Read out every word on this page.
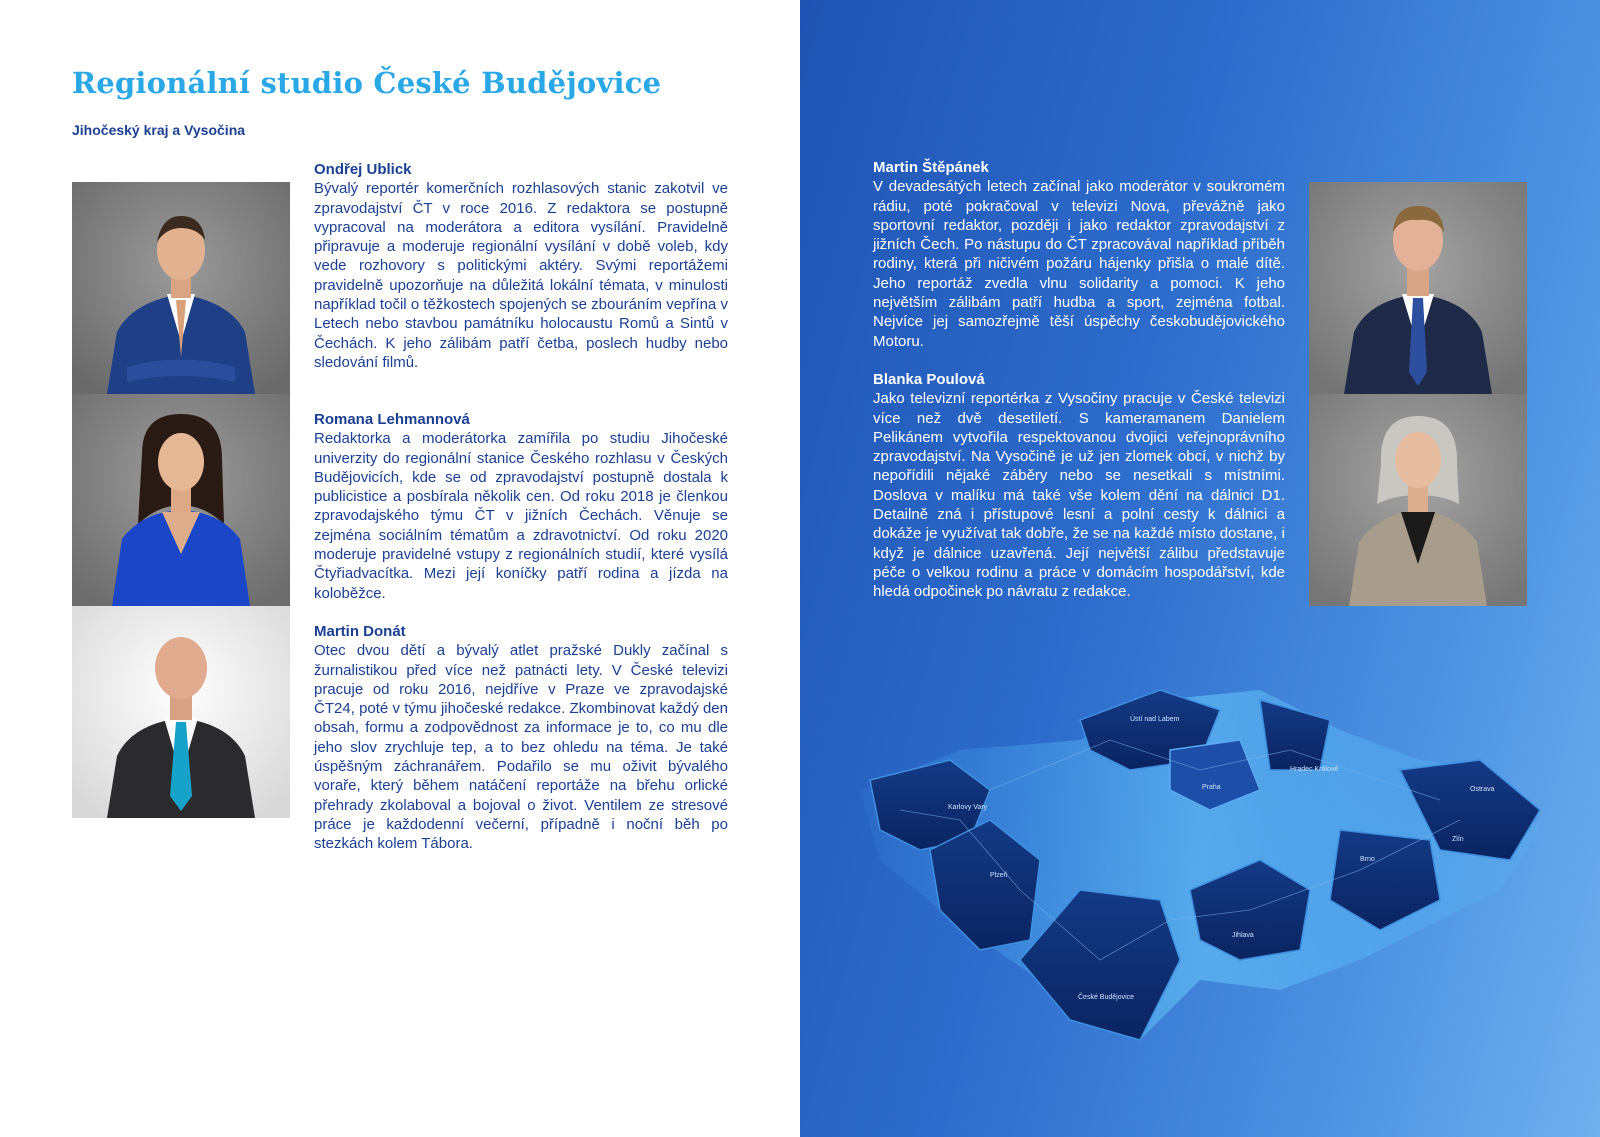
Regionální studio České Budějovice
Jihočeský kraj a Vysočina
Ondřej Ublick
Bývalý reportér komerčních rozhlasových stanic zakotvil ve zpravodajství ČT v roce 2016. Z redaktora se postupně vypracoval na moderátora a editora vysílání. Pravidelně připravuje a moderuje regionální vysílání v době voleb, kdy vede rozhovory s politickými aktéry. Svými reportážemi pravidelně upozorňuje na důležitá lokální témata, v minulosti například točil o těžkostech spojených se zbouráním vepřína v Letech nebo stavbou památníku holocaustu Romů a Sintů v Čechách. K jeho zálibám patří četba, poslech hudby nebo sledování filmů.
Romana Lehmannová
Redaktorka a moderátorka zamířila po studiu Jihočeské univerzity do regionální stanice Českého rozhlasu v Českých Budějovicích, kde se od zpravodajství postupně dostala k publicistice a posbírala několik cen. Od roku 2018 je členkou zpravodajského týmu ČT v jižních Čechách. Věnuje se zejména sociálním tématům a zdravotnictví. Od roku 2020 moderuje pravidelné vstupy z regionálních studií, které vysílá Čtyřiadvacítka. Mezi její koníčky patří rodina a jízda na koloběžce.
Martin Donát
Otec dvou dětí a bývalý atlet pražské Dukly začínal s žurnalistikou před více než patnácti lety. V České televizi pracuje od roku 2016, nejdříve v Praze ve zpravodajské ČT24, poté v týmu jihočeské redakce. Zkombinovat každý den obsah, formu a zodpovědnost za informace je to, co mu dle jeho slov zrychluje tep, a to bez ohledu na téma. Je také úspěšným záchranářem. Podařilo se mu oživit bývalého voraře, který během natáčení reportáže na břehu orlické přehrady zkolaboval a bojoval o život. Ventilem ze stresové práce je každodenní večerní, případně i noční běh po stezkách kolem Tábora.
Martin Štěpánek
V devadesátých letech začínal jako moderátor v soukromém rádiu, poté pokračoval v televizi Nova, převážně jako sportovní redaktor, později i jako redaktor zpravodajství z jižních Čech. Po nástupu do ČT zpracovával například příběh rodiny, která při ničivém požáru hájenky přišla o malé dítě. Jeho reportáž zvedla vlnu solidarity a pomoci. K jeho největším zálibám patří hudba a sport, zejména fotbal. Nejvíce jej samozřejmě těší úspěchy českobudějovického Motoru.
Blanka Poulová
Jako televizní reportérka z Vysočiny pracuje v České televizi více než dvě desetiletí. S kameramanem Danielem Pelikánem vytvořila respektovanou dvojici veřejnoprávního zpravodajství. Na Vysočině je už jen zlomek obcí, v nichž by nepořídili nějaké záběry nebo se nesetkali s místními. Doslova v malíku má také vše kolem dění na dálnici D1. Detailně zná i přístupové lesní a polní cesty k dálnici a dokáže je využívat tak dobře, že se na každé místo dostane, i když je dálnice uzavřená. Její největší zálibu představuje péče o velkou rodinu a práce v domácím hospodářství, kde hledá odpočinek po návratu z redakce.
Karlovy Vary
Plzeň
Praha
Ústí nad Labem
Hradec Králové
Jihlava
České Budějovice
Brno
Zlín
Ostrava
